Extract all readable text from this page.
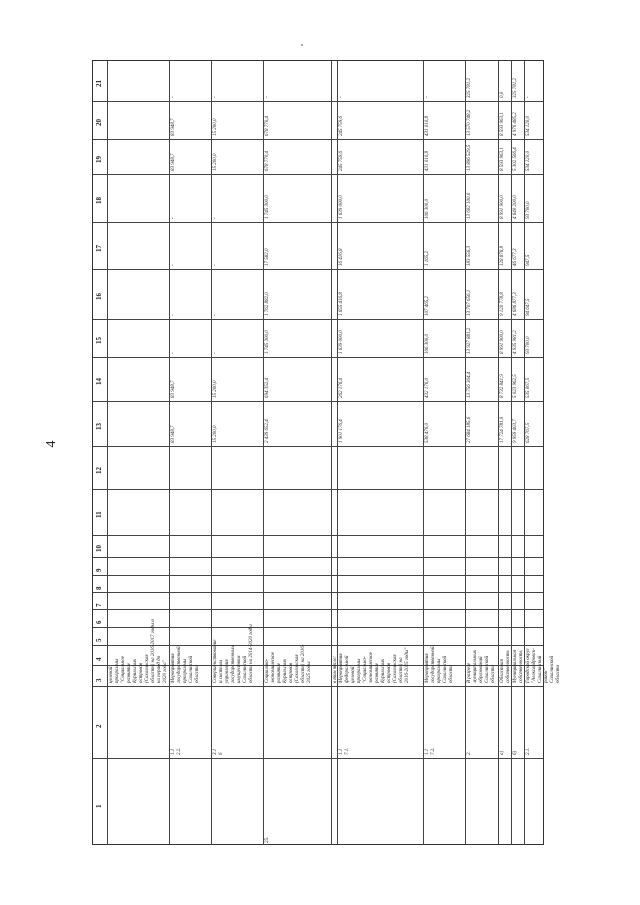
4
1
2
3
4
5
6
7
8
9
10
11
12
13
14
15
16
17
18
19
20
21
целевой
программы
"Социальное
развитие
Курильских
островов
(Сахалинская
область) на 2016-2017 годы и
на период до
2020 года"
1.1
2.2.
Мероприятия
государственной
программы
Сахалинской
области
83 948,7
83 948,7
-
-
-
-
83 948,7
83 948,7
-
3.1
6
Совершенствование
и системы
управления
государственным
имуществом
Сахалинской
области на 2014-2020 годы
15 200,0
15 200,0
-
-
-
-
15 200,0
15 200,0
-
25.
Социально-
экономическое
развитие
Курильских
островов
(Сахалинская
область) на 2016-
2025 годы
2 439 652,4
694 352,4
1 745 300,0
1 762 882,0
17 582,0
1 745 300,0
678 770,4
678 770,4
-
в том числе:
1.1
7.1.
Мероприятия
федеральной
целевой
программы
"Социально-
экономическое
развитие
Курильских
островов
(Сахалинская
область) на
2016-2025 годы"
1 901 176,4
262 176,4
1 639 000,0
1 655 416,8
16 416,8
1 639 000,0
245 759,6
245 759,6
-
1.1
7.2.
Мероприятия
государственной
программы
Сахалинской
области
538 476,0
432 176,0
106 300,0
107 465,2
1 165,2
106 300,0
431 010,8
431 010,8
-
2.
В разрезе
муниципальных
образований
Сахалинской
области
27 684 185,6
13 756 304,4
13 927 881,2
13 707 656,1
183 556,3
13 602 100,0
13 896 529,5
13 570 748,2
325 781,2
a)
Областная
собственность
17 724 781,9
8 732 841,9
8 991 900,0
9 120 778,8
128 878,8
8 991 900,0
8 593 963,1
8 593 963,1
0,0
б)
Муниципальная
собственность
9 959 403,7
5 023 962,5
4 935 981,2
4 686 877,3
46 677,3
4 640 200,0
5 302 566,4
4 976 485,2
325 781,2
2.1.
Городской округ
"Александровск-
Сахалинский
район"
Сахалинской
области
628 767,5
535 067,5
93 700,0
94 647,5
947,5
93 700,0
534 120,0
534 120,0
-
